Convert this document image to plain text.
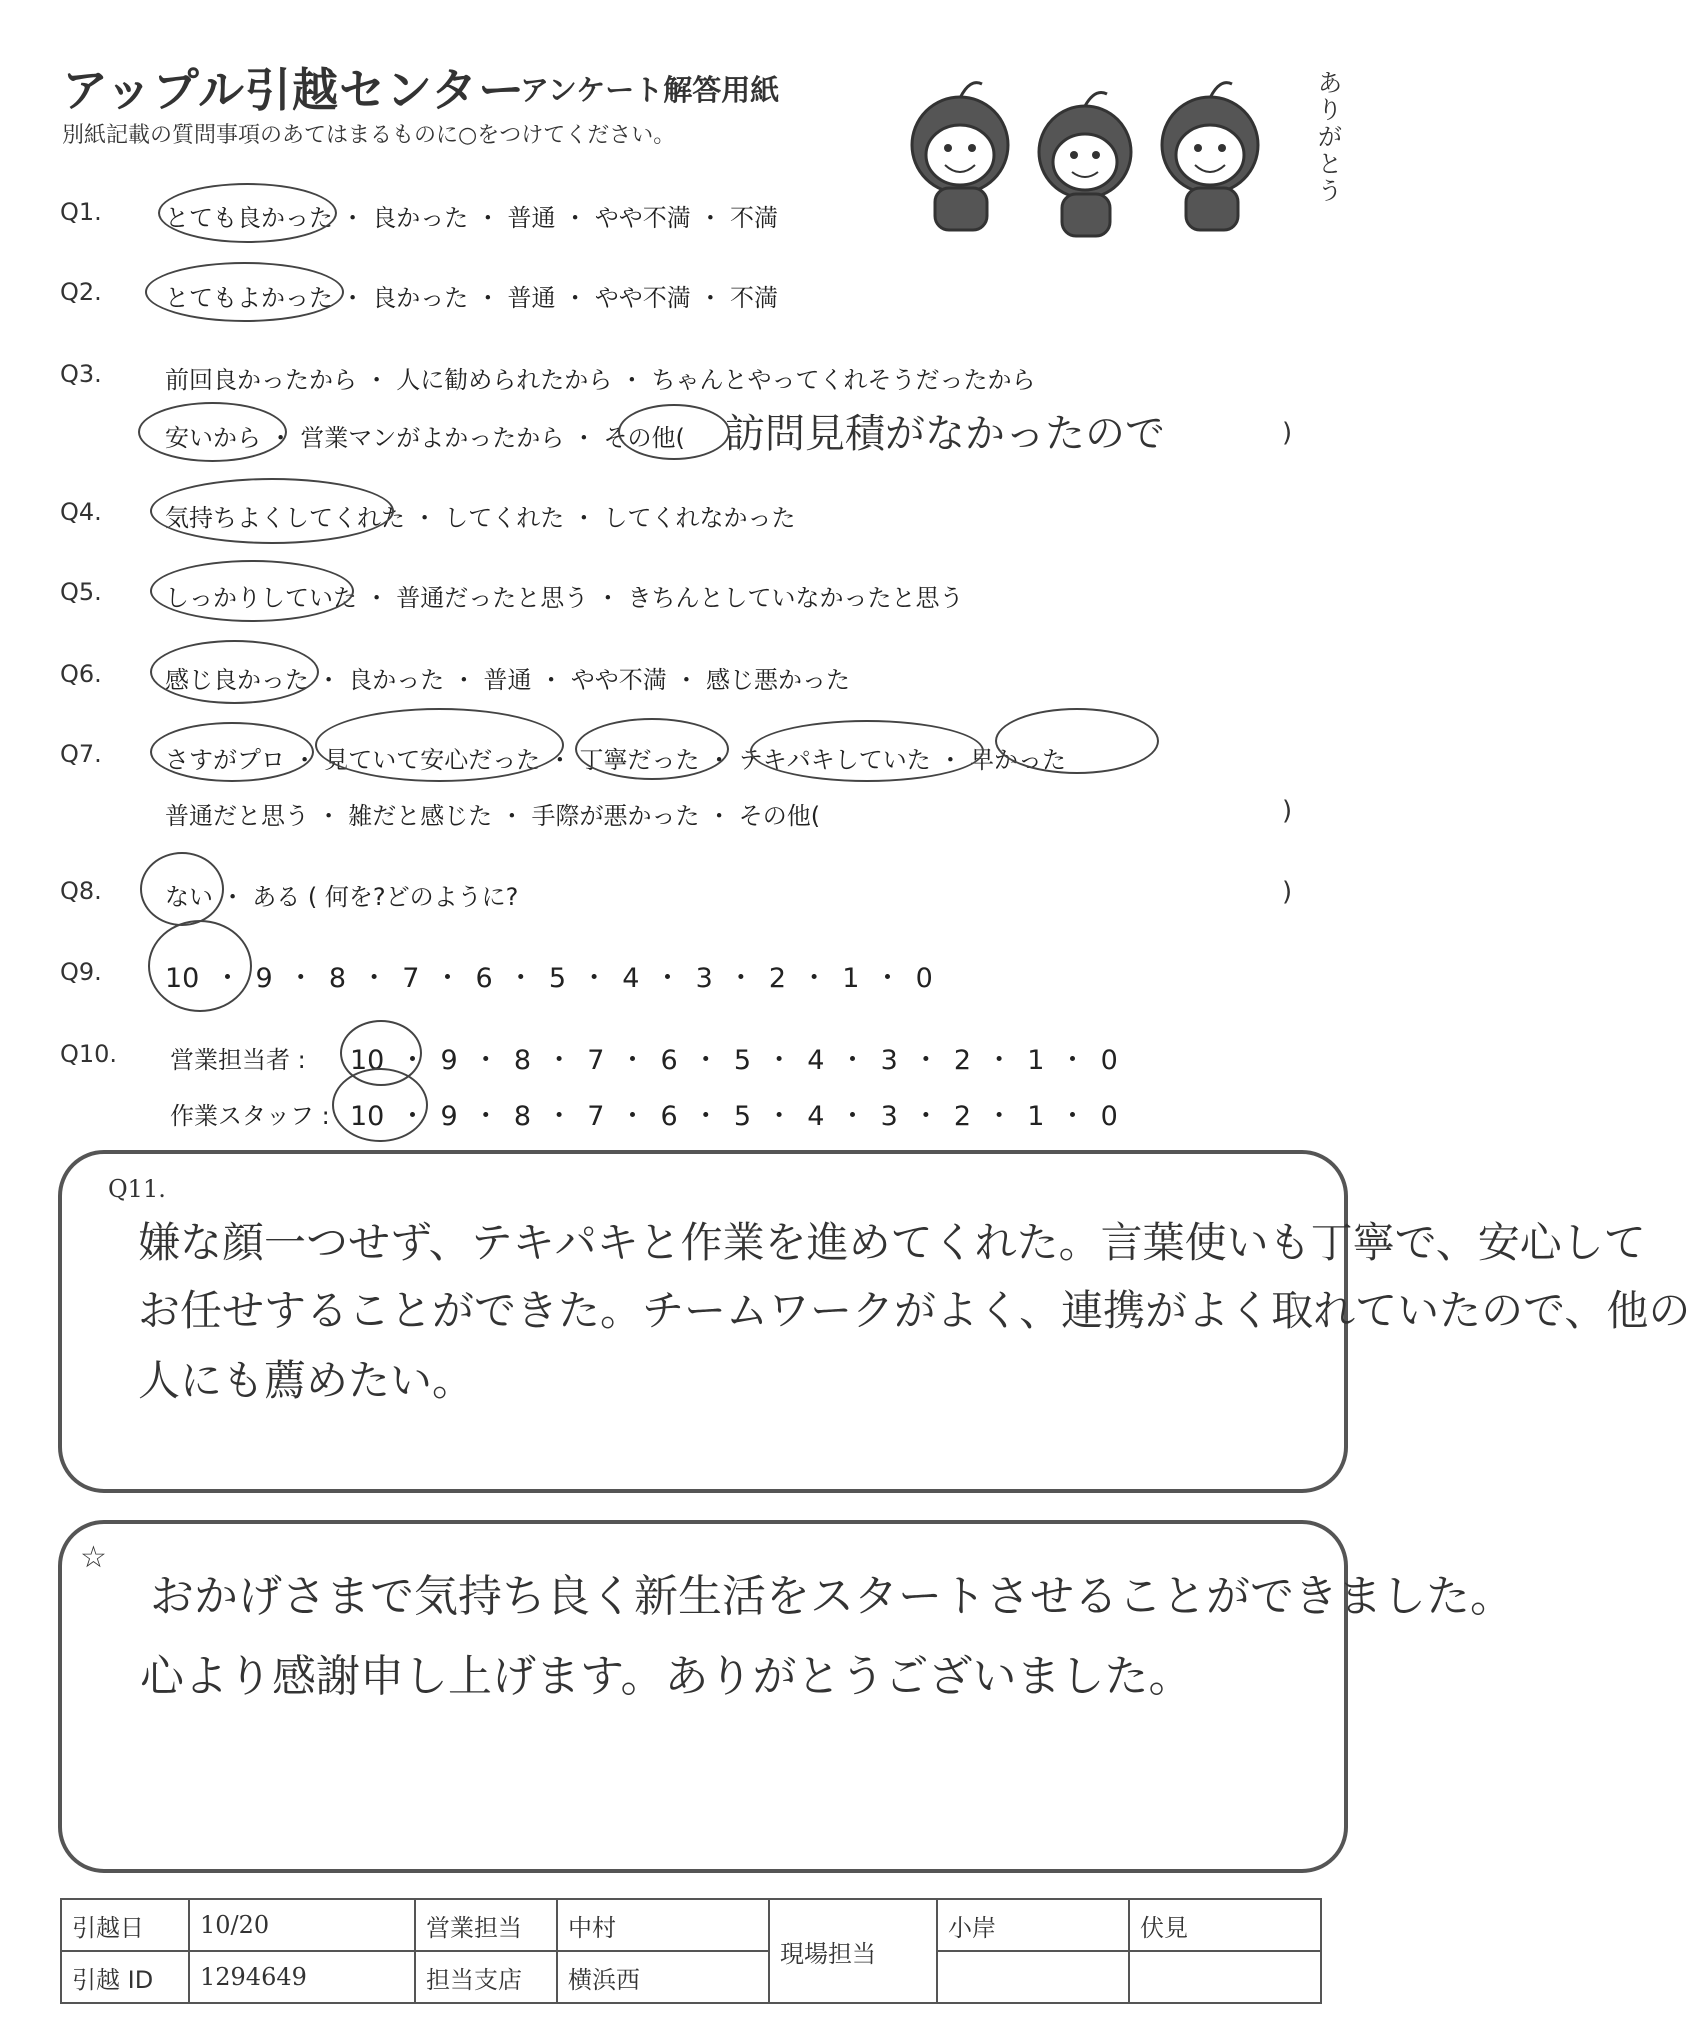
アップル引越センター
アンケート解答用紙
別紙記載の質問事項のあてはまるものに○をつけてください。
ありがとう
Q1.	とても良かった ・ 良かった ・ 普通 ・ やや不満 ・ 不満
Q2.	とてもよかった ・ 良かった ・ 普通 ・ やや不満 ・ 不満
Q3.	前回良かったから ・ 人に勧められたから ・ ちゃんとやってくれそうだったから
安いから ・ 営業マンがよかったから ・ その他( 訪問見積がなかったので	)
Q4.	気持ちよくしてくれた ・ してくれた ・ してくれなかった
Q5.	しっかりしていた ・ 普通だったと思う ・ きちんとしていなかったと思う
Q6.	感じ良かった ・ 良かった ・ 普通 ・ やや不満 ・ 感じ悪かった
Q7.	さすがプロ ・ 見ていて安心だった ・ 丁寧だった ・ テキパキしていた ・ 早かった
普通だと思う ・ 雑だと感じた ・ 手際が悪かった ・ その他(	)
Q8.	ない ・ ある ( 何を?どのように?	)
Q9. 10 ・ 9 ・ 8 ・ 7 ・ 6 ・ 5 ・ 4 ・ 3 ・ 2 ・ 1 ・ 0
Q10. 営業担当者 : 10 ・ 9 ・ 8 ・ 7 ・ 6 ・ 5 ・ 4 ・ 3 ・ 2 ・ 1 ・ 0
作業スタッフ : 10 ・ 9 ・ 8 ・ 7 ・ 6 ・ 5 ・ 4 ・ 3 ・ 2 ・ 1 ・ 0
Q11.
嫌な顔一つせず、テキパキと作業を進めてくれた。言葉使いも丁寧で、安心して
お任せすることができた。チームワークがよく、連携がよく取れていたので、他の
人にも薦めたい。
☆
おかげさまで気持ち良く新生活をスタートさせることができました。
心より感謝申し上げます。ありがとうございました。
引越日	10/20	営業担当	中村	現場担当	小岸	伏見
引越 ID	1294649	担当支店	横浜西			
